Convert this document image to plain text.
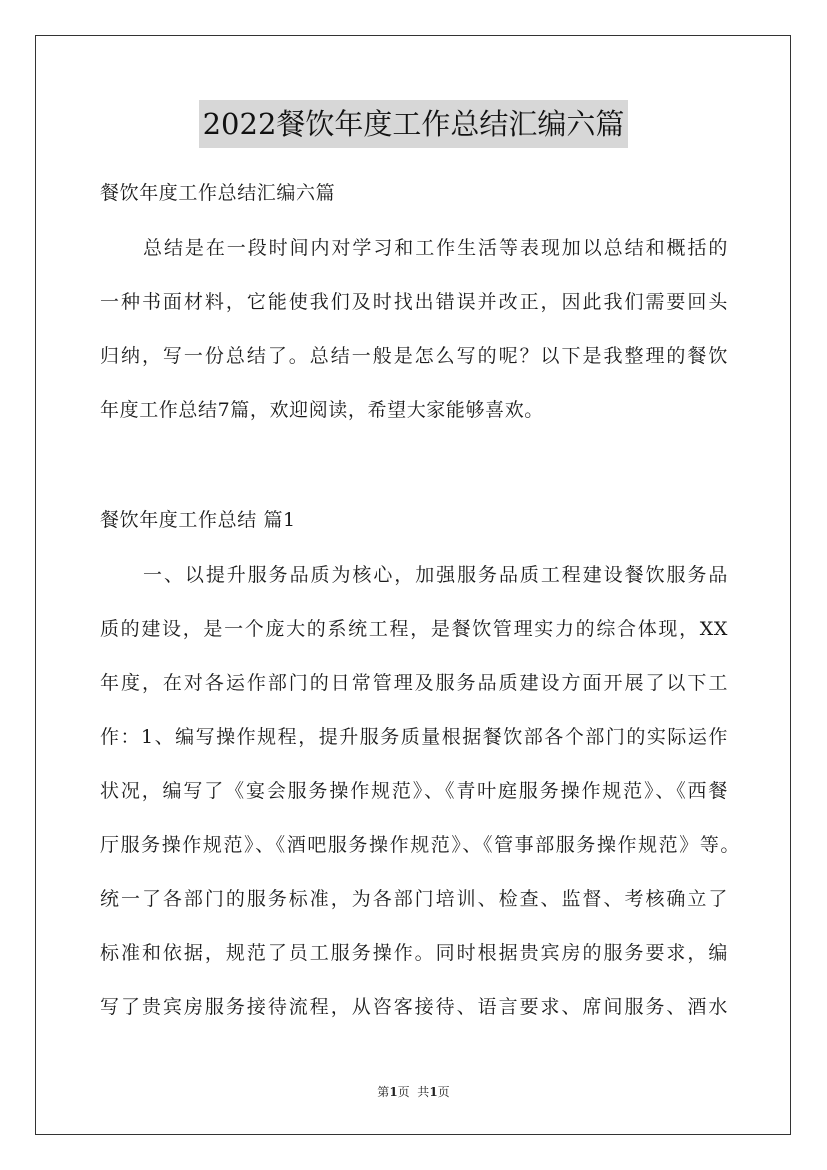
2022餐饮年度工作总结汇编六篇
餐饮年度工作总结汇编六篇
总结是在一段时间内对学习和工作生活等表现加以总结和概括的
一种书面材料，它能使我们及时找出错误并改正，因此我们需要回头
归纳，写一份总结了。总结一般是怎么写的呢？以下是我整理的餐饮
年度工作总结7篇，欢迎阅读，希望大家能够喜欢。
餐饮年度工作总结 篇1
一、以提升服务品质为核心，加强服务品质工程建设餐饮服务品
质的建设，是一个庞大的系统工程，是餐饮管理实力的综合体现，XX
年度，在对各运作部门的日常管理及服务品质建设方面开展了以下工
作：1、编写操作规程，提升服务质量根据餐饮部各个部门的实际运作
状况，编写了《宴会服务操作规范》、《青叶庭服务操作规范》、《西餐
厅服务操作规范》、《酒吧服务操作规范》、《管事部服务操作规范》等。
统一了各部门的服务标准，为各部门培训、检查、监督、考核确立了
标准和依据，规范了员工服务操作。同时根据贵宾房的服务要求，编
写了贵宾房服务接待流程，从咨客接待、语言要求、席间服务、酒水
第1页  共1页
